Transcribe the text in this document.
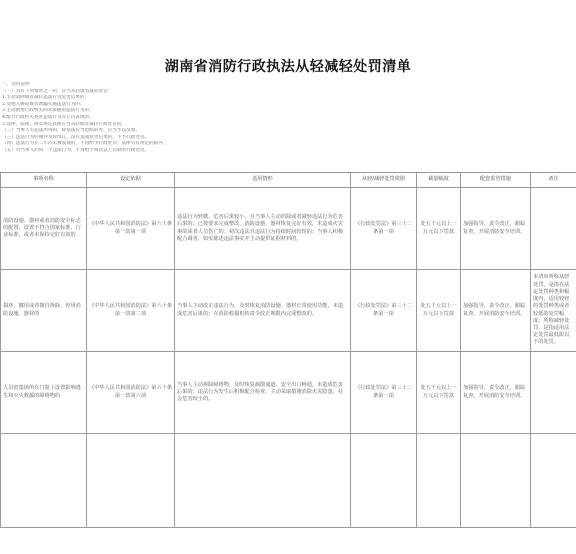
湖南省消防行政执法从轻减轻处罚清单
一、适用说明
（一）具有下列情形之一的，应当从轻或者减轻处罚：
1.主动消除或者减轻违法行为危害后果的；
2.受他人胁迫或者诱骗实施违法行为的；
3.主动供述行政机关尚未掌握的违法行为的；
4.配合行政机关查处违法行为有立功表现的；
5.法律、法规、规章规定其他应当从轻或者减轻行政处罚的。
（二）当事人有违法所得的，除依法应当退赔的外，应当予以没收。
（三）违法行为轻微并及时改正，没有造成危害后果的，不予行政处罚。
（四）违法行为在二年内未被发现的，不再给予行政处罚；法律另有规定的除外。
（五）对当事人的同一个违法行为，不得给予两次以上罚款的行政处罚。
事项名称	设定依据	适用情形	从轻/减轻处罚依据	裁量幅度	配套监管措施	备注
消防设施、器材或者消防安全标志的配置、设置不符合国家标准、行业标准，或者未保持完好有效的	《中华人民共和国消防法》第六十条第一款第一项	违法行为轻微，危害后果较小，且当事人主动消除或者减轻违法行为危害后果的；已按要求完成整改，消防设施、器材恢复完好有效，未造成火灾事故或者人员伤亡的；初次违法且违法行为持续时间较短的；当事人积极配合调查，如实陈述违法事实并主动提供证据材料的。	《行政处罚法》第三十二条第一项	处五千元以上一万元以下罚款	加强指导，责令改正，跟踪复查，开展消防安全培训。	
损坏、挪用或者擅自拆除、停用消防设施、器材的	《中华人民共和国消防法》第六十条第一款第二项	当事人主动改正违法行为，及时恢复消防设施、器材正常使用功能，未造成危害后果的；在消防救援机构责令改正期限内完成整改的。	《行政处罚法》第三十二条第一项	处五千元以上一万元以下罚款	加强指导，责令改正，跟踪复查，开展消防安全培训。	本清单所称从轻处罚，是指在法定处罚种类和幅度内，适用较轻的处罚种类或者较低的处罚幅度；所称减轻处罚，是指适用法定处罚最低限以下的处罚。
人员密集场所在门窗上设置影响逃生和灭火救援的障碍物的	《中华人民共和国消防法》第六十条第一款第六项	当事人主动拆除障碍物，及时恢复疏散通道、安全出口畅通，未造成危害后果的；违法行为发生后积极配合检查，主动采取措施消除火灾隐患，社会危害较小的。	《行政处罚法》第三十二条第一项	处五千元以上一万元以下罚款	加强指导，责令改正，跟踪复查，开展消防安全培训。	
